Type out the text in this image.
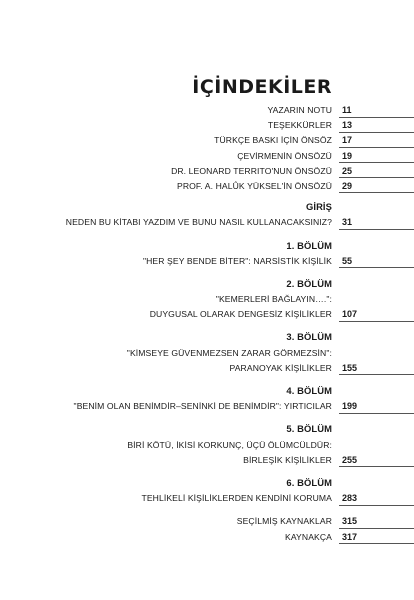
İÇİNDEKİLER
YAZARIN NOTU 11
TEŞEKKÜRLER 13
TÜRKÇE BASKI İÇİN ÖNSÖZ 17
ÇEVİRMENİN ÖNSÖZÜ 19
DR. LEONARD TERRITO'NUN ÖNSÖZÜ 25
PROF. A. HALÛK YÜKSEL'İN ÖNSÖZÜ 29
GİRİŞ
NEDEN BU KİTABI YAZDIM VE BUNU NASIL KULLANACAKSINIZ? 31
1. BÖLÜM
"HER ŞEY BENDE BİTER": NARSİSTİK KİŞİLİK 55
2. BÖLÜM
"KEMERLERİ BAĞLAYIN….":
DUYGUSAL OLARAK DENGESİZ KİŞİLİKLER 107
3. BÖLÜM
"KİMSEYE GÜVENMEZSEN ZARAR GÖRMEZSİN":
PARANOYAK KİŞİLİKLER 155
4. BÖLÜM
"BENİM OLAN BENİMDİR–SENİNKİ DE BENİMDİR": YIRTICILAR 199
5. BÖLÜM
BİRİ KÖTÜ, İKİSİ KORKUNÇ, ÜÇÜ ÖLÜMCÜLDÜR:
BİRLEŞİK KİŞİLİKLER 255
6. BÖLÜM
TEHLİKELİ KİŞİLİKLERDEN KENDİNİ KORUMA 283
SEÇİLMİŞ KAYNAKLAR 315
KAYNAKÇA 317
